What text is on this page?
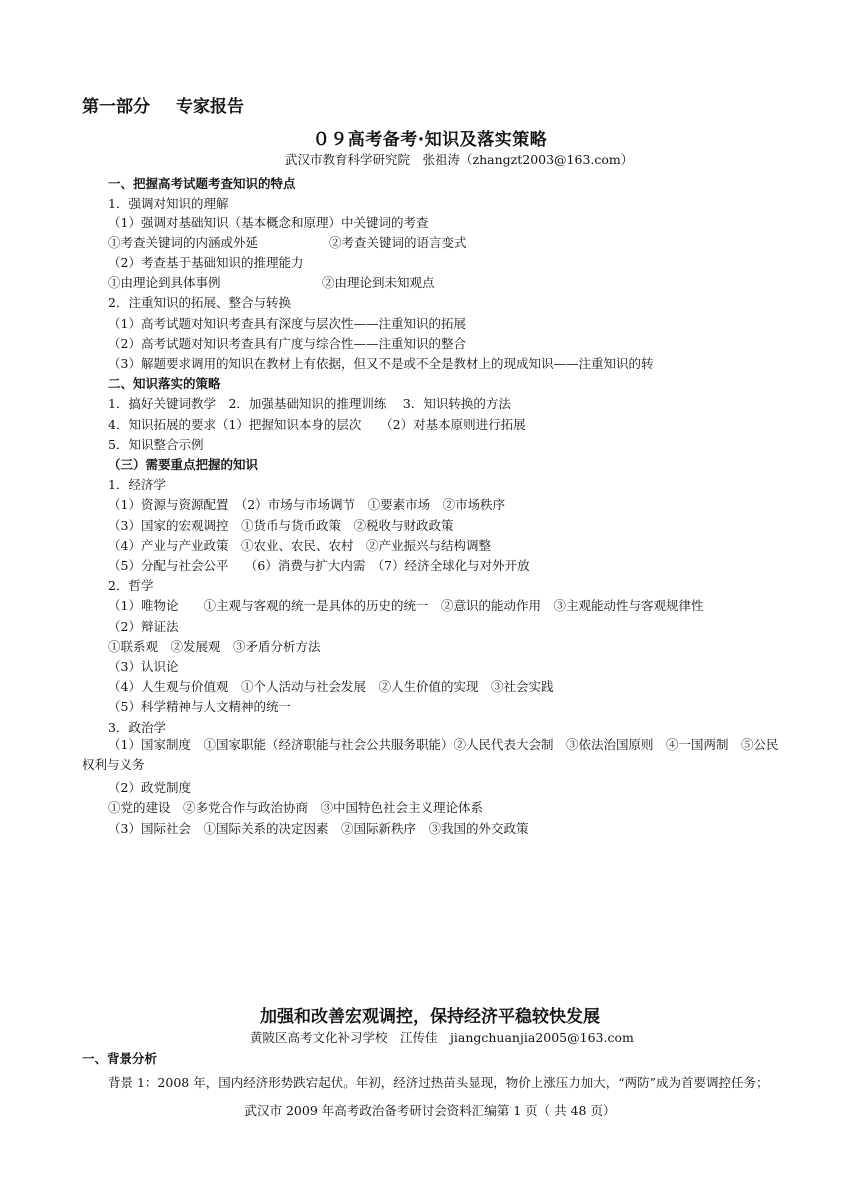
第一部分 专家报告
０９高考备考·知识及落实策略
武汉市教育科学研究院　张祖涛（zhangzt2003@163.com）
一、把握高考试题考查知识的特点
1．强调对知识的理解
（1）强调对基础知识（基本概念和原理）中关键词的考查
①考查关键词的内涵或外延	②考查关键词的语言变式
（2）考查基于基础知识的推理能力
①由理论到具体事例	②由理论到未知观点
2．注重知识的拓展、整合与转换
（1）高考试题对知识考查具有深度与层次性——注重知识的拓展
（2）高考试题对知识考查具有广度与综合性——注重知识的整合
（3）解题要求调用的知识在教材上有依据，但又不是或不全是教材上的现成知识——注重知识的转
二、知识落实的策略
1．搞好关键词教学　2．加强基础知识的推理训练　 3．知识转换的方法
4．知识拓展的要求（1）把握知识本身的层次　　（2）对基本原则进行拓展
5．知识整合示例
（三）需要重点把握的知识
1．经济学
（1）资源与资源配置　（2）市场与市场调节　①要素市场　②市场秩序
（3）国家的宏观调控　①货币与货币政策　②税收与财政政策
（4）产业与产业政策　①农业、农民、农村　②产业振兴与结构调整
（5）分配与社会公平　 （6）消费与扩大内需　（7）经济全球化与对外开放
2．哲学
（1）唯物论　　①主观与客观的统一是具体的历史的统一　②意识的能动作用　③主观能动性与客观规律性
（2）辩证法
①联系观　②发展观　③矛盾分析方法
（3）认识论
（4）人生观与价值观　①个人活动与社会发展　②人生价值的实现　③社会实践
（5）科学精神与人文精神的统一
3．政治学
（1）国家制度　①国家职能（经济职能与社会公共服务职能）②人民代表大会制　③依法治国原则　④一国两制　⑤公民权利与义务
（2）政党制度
①党的建设　②多党合作与政治协商　③中国特色社会主义理论体系
（3）国际社会　①国际关系的决定因素　②国际新秩序　③我国的外交政策
加强和改善宏观调控，保持经济平稳较快发展
黄陂区高考文化补习学校　江传佳　jiangchuanjia2005@163.com
一、背景分析
背景 1：2008 年，国内经济形势跌宕起伏。年初，经济过热苗头显现，物价上涨压力加大，“两防”成为首要调控任务；
武汉市 2009 年高考政治备考研讨会资料汇编第 1 页（ 共 48 页）
